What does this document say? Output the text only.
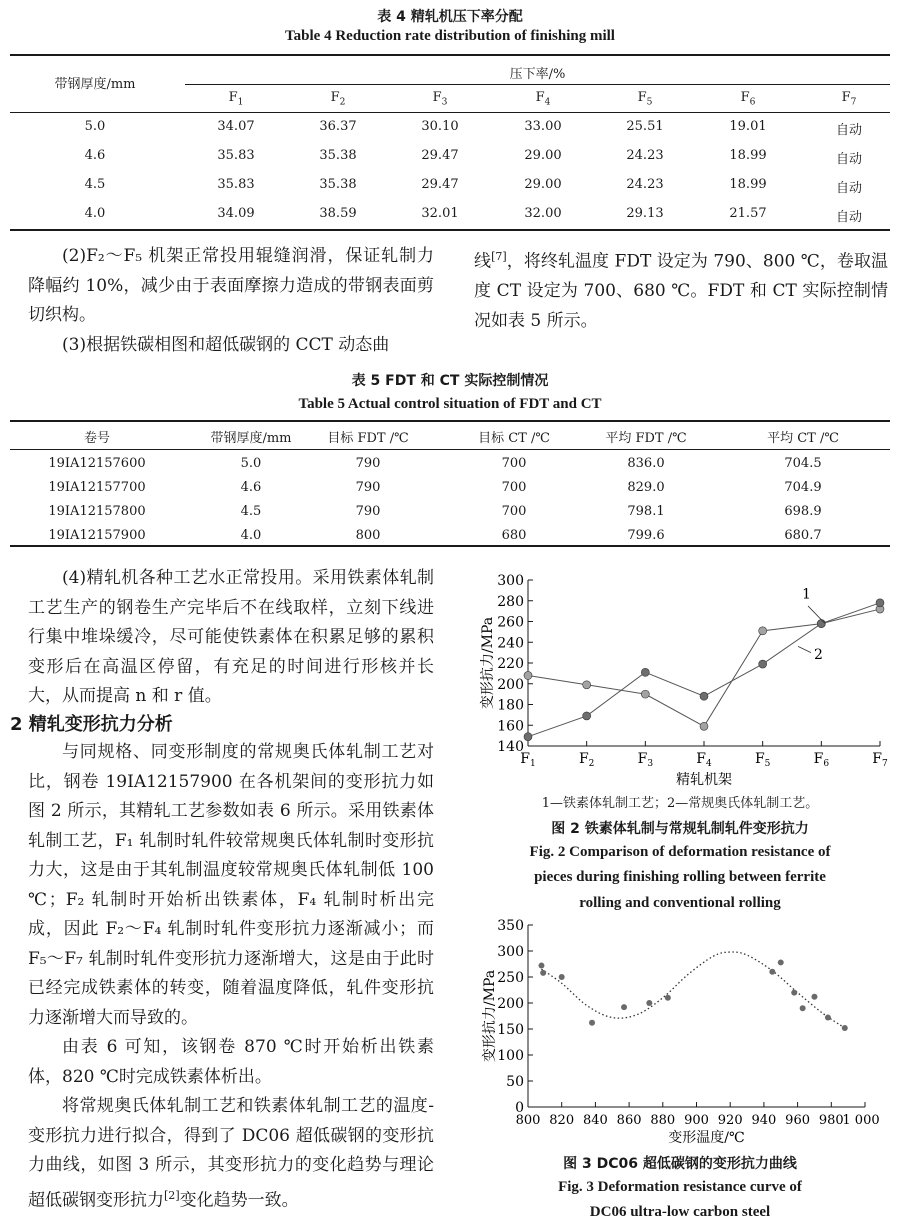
表 4 精轧机压下率分配
Table 4 Reduction rate distribution of finishing mill
带钢厚度/mm
压下率/%
$F_1$	$F_2$	$F_3$	$F_4$	$F_5$	$F_6$	$F_7$
5.0	34.07	36.37	30.10	33.00	25.51	19.01	自动
4.6	35.83	35.38	29.47	29.00	24.23	18.99	自动
4.5	35.83	35.38	29.47	29.00	24.23	18.99	自动
4.0	34.09	38.59	32.01	32.00	29.13	21.57	自动

(2)F₂～F₅ 机架正常投用辊缝润滑，保证轧制力降幅约 10%，减少由于表面摩擦力造成的带钢表面剪切织构。

(3)根据铁碳相图和超低碳钢的 CCT 动态曲

线[7]，将终轧温度 FDT 设定为 790、800 ℃，卷取温度 CT 设定为 700、680 ℃。FDT 和 CT 实际控制情况如表 5 所示。

表 5 FDT 和 CT 实际控制情况
Table 5 Actual control situation of FDT and CT
卷号	带钢厚度/mm	目标 FDT /℃	目标 CT /℃	平均 FDT /℃	平均 CT /℃
19IA12157600	5.0	790	700	836.0	704.5
19IA12157700	4.6	790	700	829.0	704.9
19IA12157800	4.5	790	700	798.1	698.9
19IA12157900	4.0	800	680	799.6	680.7

(4)精轧机各种工艺水正常投用。采用铁素体轧制工艺生产的钢卷生产完毕后不在线取样，立刻下线进行集中堆垛缓冷，尽可能使铁素体在积累足够的累积变形后在高温区停留，有充足的时间进行形核并长大，从而提高 n 和 r 值。

2 精轧变形抗力分析

与同规格、同变形制度的常规奥氏体轧制工艺对比，钢卷 19IA12157900 在各机架间的变形抗力如图 2 所示，其精轧工艺参数如表 6 所示。采用铁素体轧制工艺，F₁ 轧制时轧件较常规奥氏体轧制时变形抗力大，这是由于其轧制温度较常规奥氏体轧制低 100 ℃；F₂ 轧制时开始析出铁素体，F₄ 轧制时析出完成，因此 F₂～F₄ 轧制时轧件变形抗力逐渐减小；而 F₅～F₇ 轧制时轧件变形抗力逐渐增大，这是由于此时已经完成铁素体的转变，随着温度降低，轧件变形抗力逐渐增大而导致的。

由表 6 可知，该钢卷 870 ℃时开始析出铁素体，820 ℃时完成铁素体析出。

将常规奥氏体轧制工艺和铁素体轧制工艺的温度-变形抗力进行拟合，得到了 DC06 超低碳钢的变形抗力曲线，如图 3 所示，其变形抗力的变化趋势与理论超低碳钢变形抗力[2]变化趋势一致。

140
160
180
200
220
240
260
280
300
$F_1$	$F_2$	$F_3$	$F_4$	$F_5$	$F_6$	$F_7$
精轧机架
变形抗力/MPa
1
2
1—铁素体轧制工艺；2—常规奥氏体轧制工艺。
图 2 铁素体轧制与常规轧制轧件变形抗力
Fig. 2 Comparison of deformation resistance of
pieces during finishing rolling between ferrite
rolling and conventional rolling
0
50
100
150
200
250
300
350
800 820 840 860 880 900 920 940 960 980
1 000
变形温度/℃
变形抗力/MPa
图 3 DC06 超低碳钢的变形抗力曲线
Fig. 3 Deformation resistance curve of
DC06 ultra-low carbon steel
